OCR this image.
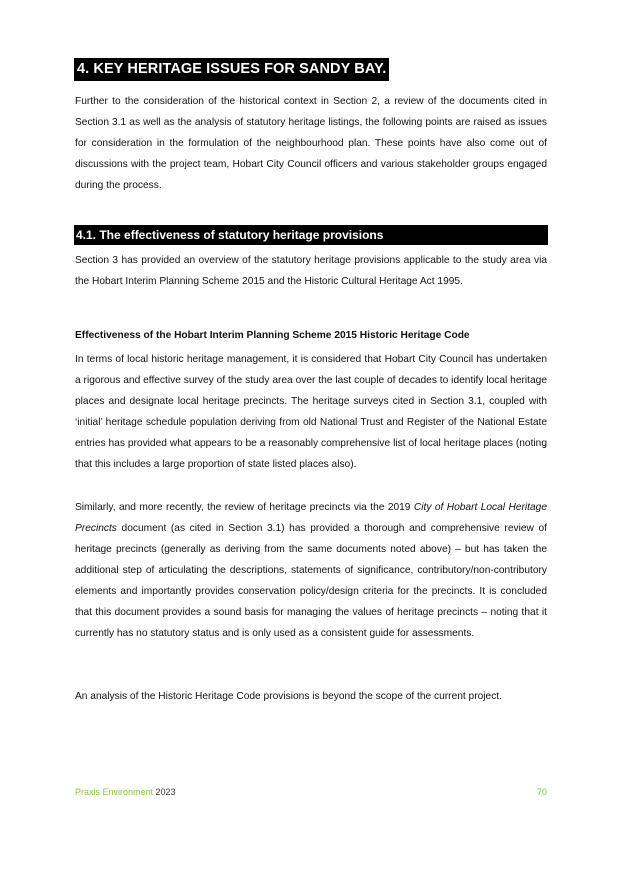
4. KEY HERITAGE ISSUES FOR SANDY BAY.

Further to the consideration of the historical context in Section 2, a review of the documents cited in Section 3.1 as well as the analysis of statutory heritage listings, the following points are raised as issues for consideration in the formulation of the neighbourhood plan. These points have also come out of discussions with the project team, Hobart City Council officers and various stakeholder groups engaged during the process.

4.1. The effectiveness of statutory heritage provisions

Section 3 has provided an overview of the statutory heritage provisions applicable to the study area via the Hobart Interim Planning Scheme 2015 and the Historic Cultural Heritage Act 1995.

Effectiveness of the Hobart Interim Planning Scheme 2015 Historic Heritage Code

In terms of local historic heritage management, it is considered that Hobart City Council has undertaken a rigorous and effective survey of the study area over the last couple of decades to identify local heritage places and designate local heritage precincts. The heritage surveys cited in Section 3.1, coupled with ‘initial’ heritage schedule population deriving from old National Trust and Register of the National Estate entries has provided what appears to be a reasonably comprehensive list of local heritage places (noting that this includes a large proportion of state listed places also).

Similarly, and more recently, the review of heritage precincts via the 2019 City of Hobart Local Heritage Precincts document (as cited in Section 3.1) has provided a thorough and comprehensive review of heritage precincts (generally as deriving from the same documents noted above) – but has taken the additional step of articulating the descriptions, statements of significance, contributory/non-contributory elements and importantly provides conservation policy/design criteria for the precincts. It is concluded that this document provides a sound basis for managing the values of heritage precincts – noting that it currently has no statutory status and is only used as a consistent guide for assessments.

An analysis of the Historic Heritage Code provisions is beyond the scope of the current project.

Praxis Environment 2023	70
